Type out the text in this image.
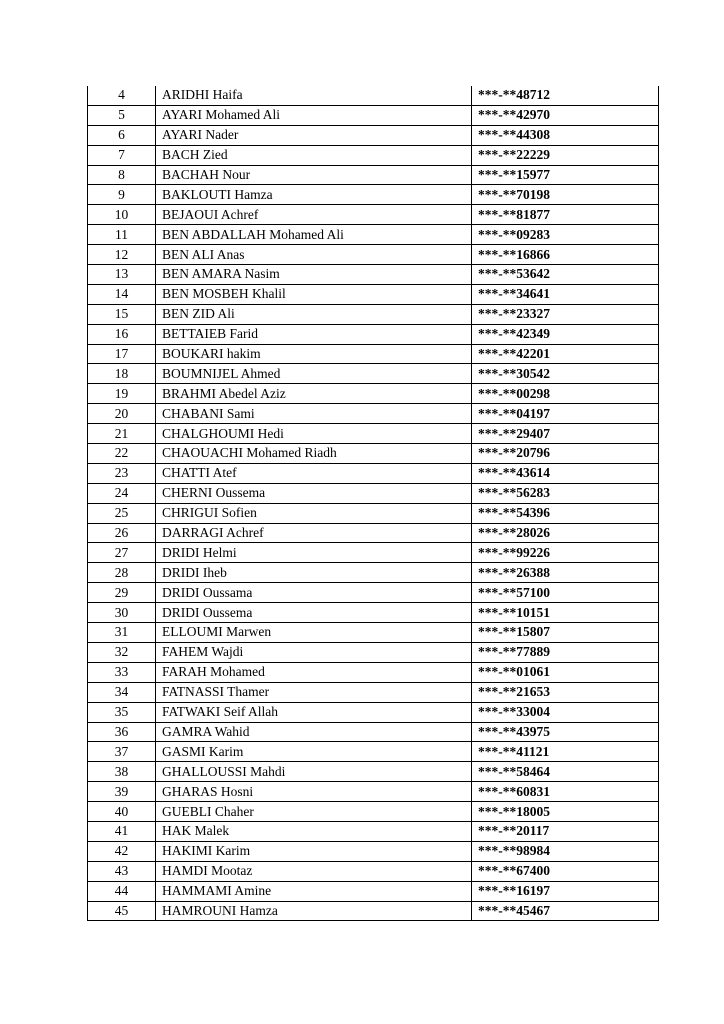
4	ARIDHI Haifa	***-**48712
5	AYARI Mohamed Ali	***-**42970
6	AYARI Nader	***-**44308
7	BACH Zied	***-**22229
8	BACHAH Nour	***-**15977
9	BAKLOUTI Hamza	***-**70198
10	BEJAOUI Achref	***-**81877
11	BEN ABDALLAH Mohamed Ali	***-**09283
12	BEN ALI Anas	***-**16866
13	BEN AMARA Nasim	***-**53642
14	BEN MOSBEH Khalil	***-**34641
15	BEN ZID Ali	***-**23327
16	BETTAIEB Farid	***-**42349
17	BOUKARI hakim	***-**42201
18	BOUMNIJEL Ahmed	***-**30542
19	BRAHMI Abedel Aziz	***-**00298
20	CHABANI Sami	***-**04197
21	CHALGHOUMI Hedi	***-**29407
22	CHAOUACHI Mohamed Riadh	***-**20796
23	CHATTI Atef	***-**43614
24	CHERNI Oussema	***-**56283
25	CHRIGUI Sofien	***-**54396
26	DARRAGI Achref	***-**28026
27	DRIDI Helmi	***-**99226
28	DRIDI Iheb	***-**26388
29	DRIDI Oussama	***-**57100
30	DRIDI Oussema	***-**10151
31	ELLOUMI Marwen	***-**15807
32	FAHEM Wajdi	***-**77889
33	FARAH Mohamed	***-**01061
34	FATNASSI Thamer	***-**21653
35	FATWAKI Seif Allah	***-**33004
36	GAMRA Wahid	***-**43975
37	GASMI Karim	***-**41121
38	GHALLOUSSI Mahdi	***-**58464
39	GHARAS Hosni	***-**60831
40	GUEBLI Chaher	***-**18005
41	HAK Malek	***-**20117
42	HAKIMI Karim	***-**98984
43	HAMDI Mootaz	***-**67400
44	HAMMAMI Amine	***-**16197
45	HAMROUNI Hamza	***-**45467
